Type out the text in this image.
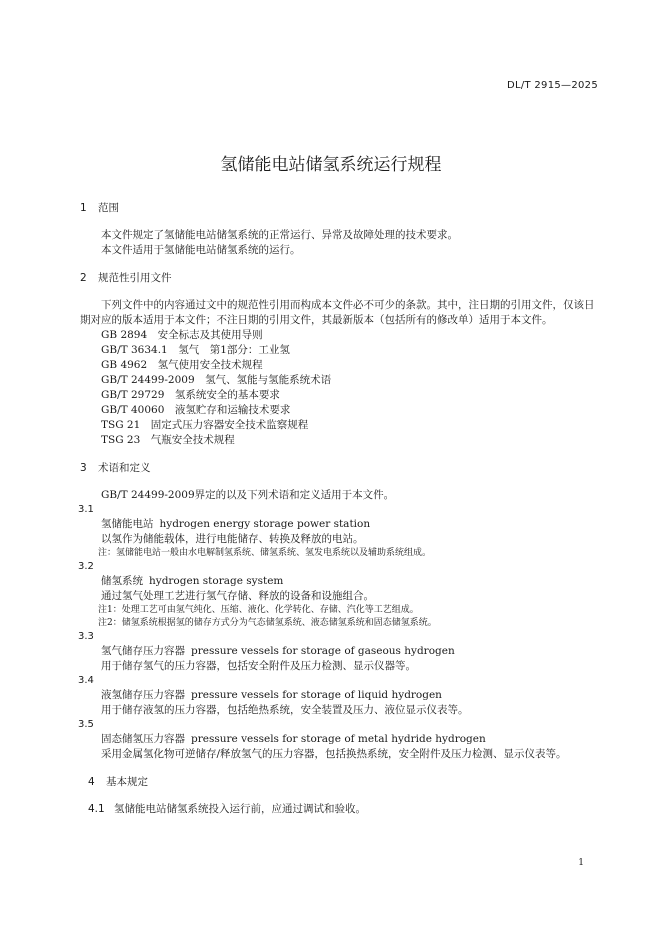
DL/T 2915—2025
氢储能电站储氢系统运行规程
1 范围

本文件规定了氢储能电站储氢系统的正常运行、异常及故障处理的技术要求。

本文件适用于氢储能电站储氢系统的运行。

2 规范性引用文件

下列文件中的内容通过文中的规范性引用而构成本文件必不可少的条款。其中，注日期的引用文件，仅该日期对应的版本适用于本文件；不注日期的引用文件，其最新版本（包括所有的修改单）适用于本文件。

GB 2894　安全标志及其使用导则

GB/T 3634.1　氢气　第1部分：工业氢

GB 4962　氢气使用安全技术规程

GB/T 24499-2009　氢气、氢能与氢能系统术语

GB/T 29729　氢系统安全的基本要求

GB/T 40060　液氢贮存和运输技术要求

TSG 21　固定式压力容器安全技术监察规程

TSG 23　气瓶安全技术规程

3 术语和定义

GB/T 24499-2009界定的以及下列术语和定义适用于本文件。

3.1
氢储能电站 hydrogen energy storage power station

以氢作为储能载体，进行电能储存、转换及释放的电站。

注：氢储能电站一般由水电解制氢系统、储氢系统、氢发电系统以及辅助系统组成。

3.2
储氢系统 hydrogen storage system

通过氢气处理工艺进行氢气存储、释放的设备和设施组合。

注1：处理工艺可由氢气纯化、压缩、液化、化学转化、存储、汽化等工艺组成。

注2：储氢系统根据氢的储存方式分为气态储氢系统、液态储氢系统和固态储氢系统。

3.3
氢气储存压力容器 pressure vessels for storage of gaseous hydrogen

用于储存氢气的压力容器，包括安全附件及压力检测、显示仪器等。

3.4
液氢储存压力容器 pressure vessels for storage of liquid hydrogen

用于储存液氢的压力容器，包括绝热系统，安全装置及压力、液位显示仪表等。

3.5
固态储氢压力容器 pressure vessels for storage of metal hydride hydrogen

采用金属氢化物可逆储存/释放氢气的压力容器，包括换热系统，安全附件及压力检测、显示仪表等。

4 基本规定

4.1 氢储能电站储氢系统投入运行前，应通过调试和验收。

1
